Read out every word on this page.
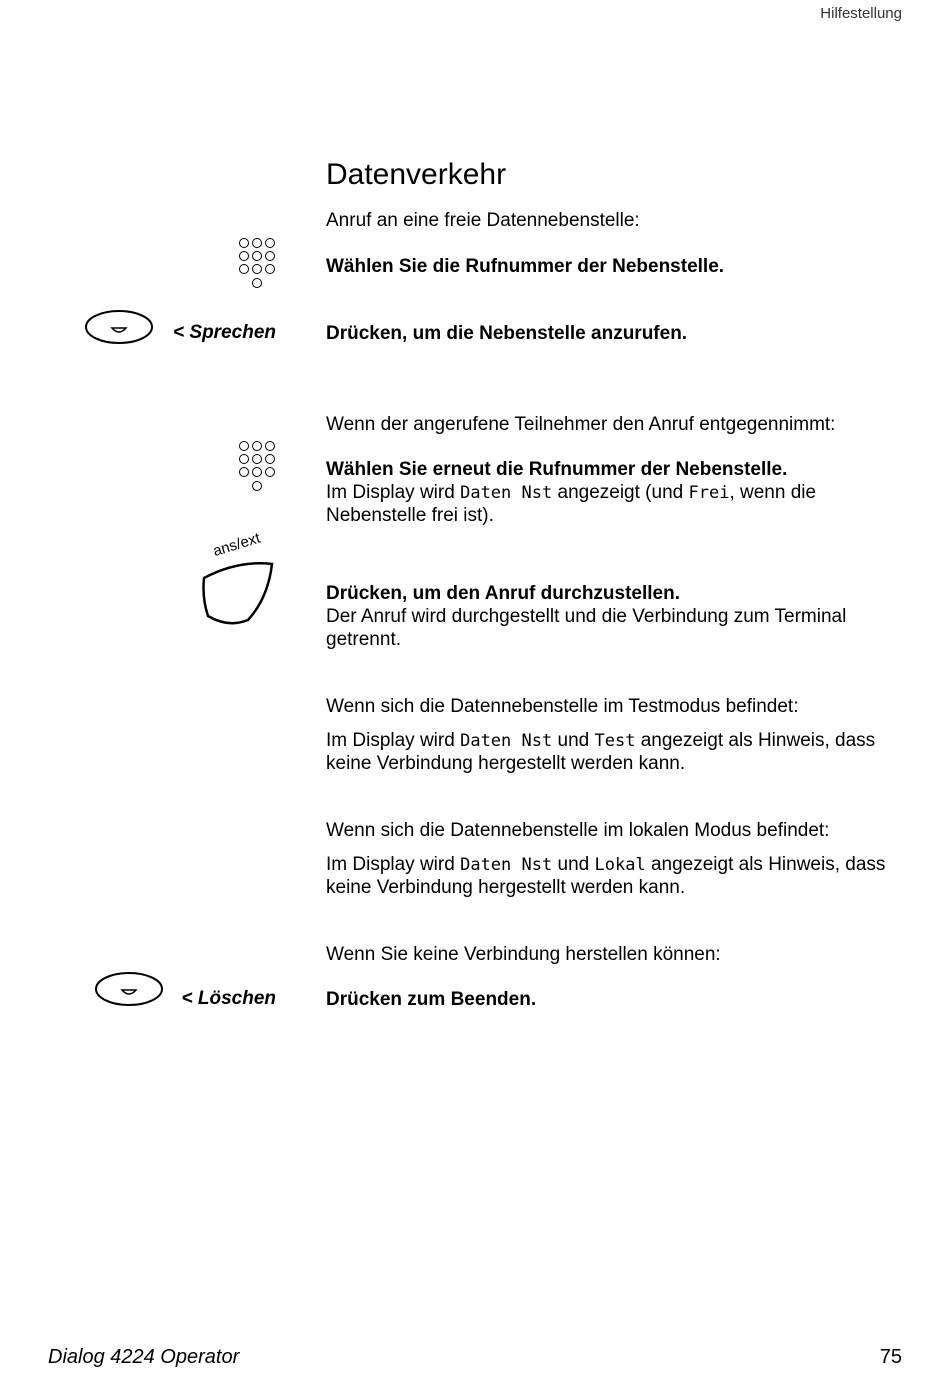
Hilfestellung
Datenverkehr
Anruf an eine freie Datennebenstelle:
Wählen Sie die Rufnummer der Nebenstelle.
< Sprechen	Drücken, um die Nebenstelle anzurufen.
Wenn der angerufene Teilnehmer den Anruf entgegennimmt:
Wählen Sie erneut die Rufnummer der Nebenstelle.
Im Display wird Daten Nst angezeigt (und Frei, wenn die
Nebenstelle frei ist).
ans/ext
Drücken, um den Anruf durchzustellen.
Der Anruf wird durchgestellt und die Verbindung zum Terminal
getrennt.
Wenn sich die Datennebenstelle im Testmodus befindet:
Im Display wird Daten Nst und Test angezeigt als Hinweis, dass
keine Verbindung hergestellt werden kann.
Wenn sich die Datennebenstelle im lokalen Modus befindet:
Im Display wird Daten Nst und Lokal angezeigt als Hinweis, dass
keine Verbindung hergestellt werden kann.
Wenn Sie keine Verbindung herstellen können:
< Löschen	Drücken zum Beenden.
Dialog 4224 Operator	75
